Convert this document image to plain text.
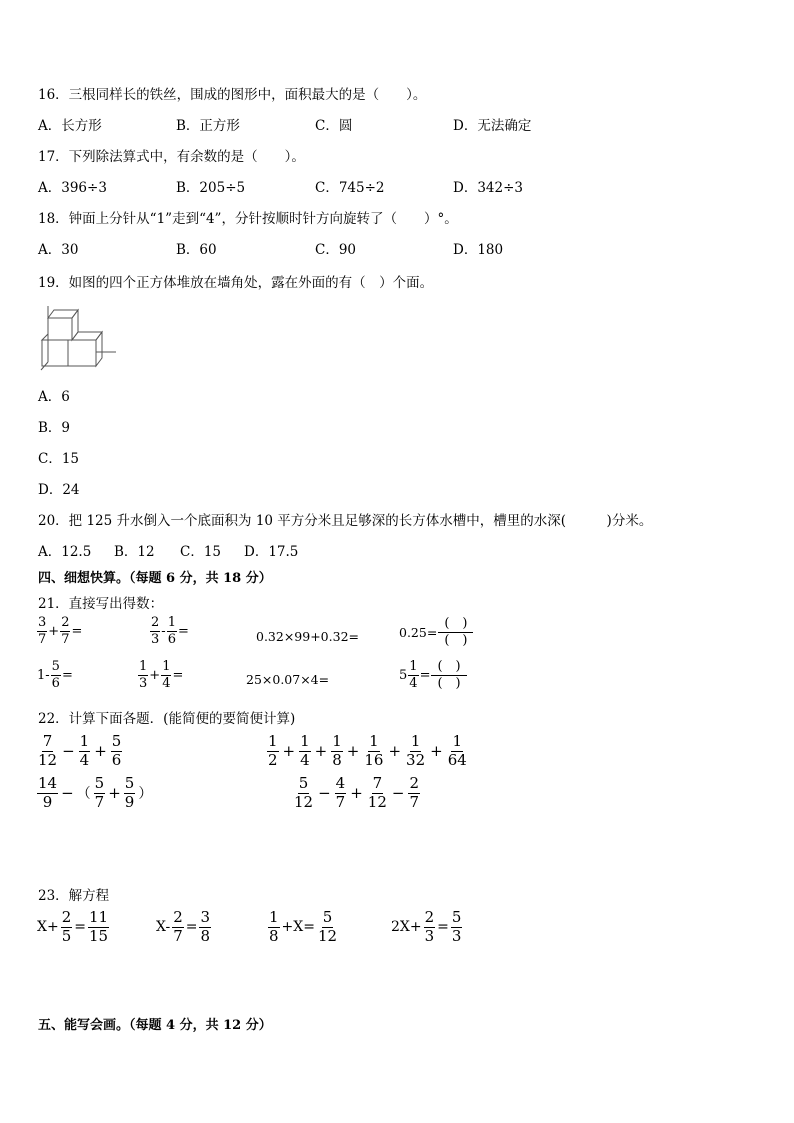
16．三根同样长的铁丝，围成的图形中，面积最大的是（　　）。
A．长方形	B．正方形	C．圆	D．无法确定
17．下列除法算式中，有余数的是（　　）。
A．396÷3	B．205÷5	C．745÷2	D．342÷3
18．钟面上分针从“1”走到“4”，分针按顺时针方向旋转了（　　）°。
A．30	B．60	C．90	D．180
19．如图的四个正方体堆放在墙角处，露在外面的有（　）个面。
A．6
B．9
C．15
D．24
20．把 125 升水倒入一个底面积为 10 平方分米且足够深的长方体水槽中，槽里的水深(　　　)分米。
A．12.5 B．12 C．15 D．17.5
四、细想快算。（每题 6 分，共 18 分）
21．直接写出得数：
$\frac{3}{7} + \frac{2}{7}$ =	$\frac{2}{3} - \frac{1}{6}$ =	0.32×99+0.32=	$0.25= \frac{( )}{( )}$
$1- \frac{5}{6}$ =	$\frac{1}{3} + \frac{1}{4}$ =	25×0.07×4=	$5 \frac{1}{4} = \frac{( )}{( )}$
22．计算下面各题．(能简便的要简便计算)
$\frac{7}{12} - \frac{1}{4} + \frac{5}{6}$	$\frac{1}{2} + \frac{1}{4} + \frac{1}{8} + \frac{1}{16} + \frac{1}{32} + \frac{1}{64}$
$\frac{14}{9}$ − （ $\frac{5}{7} + \frac{5}{9}$ ）	$\frac{5}{12} - \frac{4}{7} + \frac{7}{12} - \frac{2}{7}$
23．解方程
$X+ \frac{2}{5} = \frac{11}{15}$	$X- \frac{2}{7} = \frac{3}{8}$	$\frac{1}{8} +X= \frac{5}{12}$	$2X+ \frac{2}{3} = \frac{5}{3}$
五、能写会画。（每题 4 分，共 12 分）
